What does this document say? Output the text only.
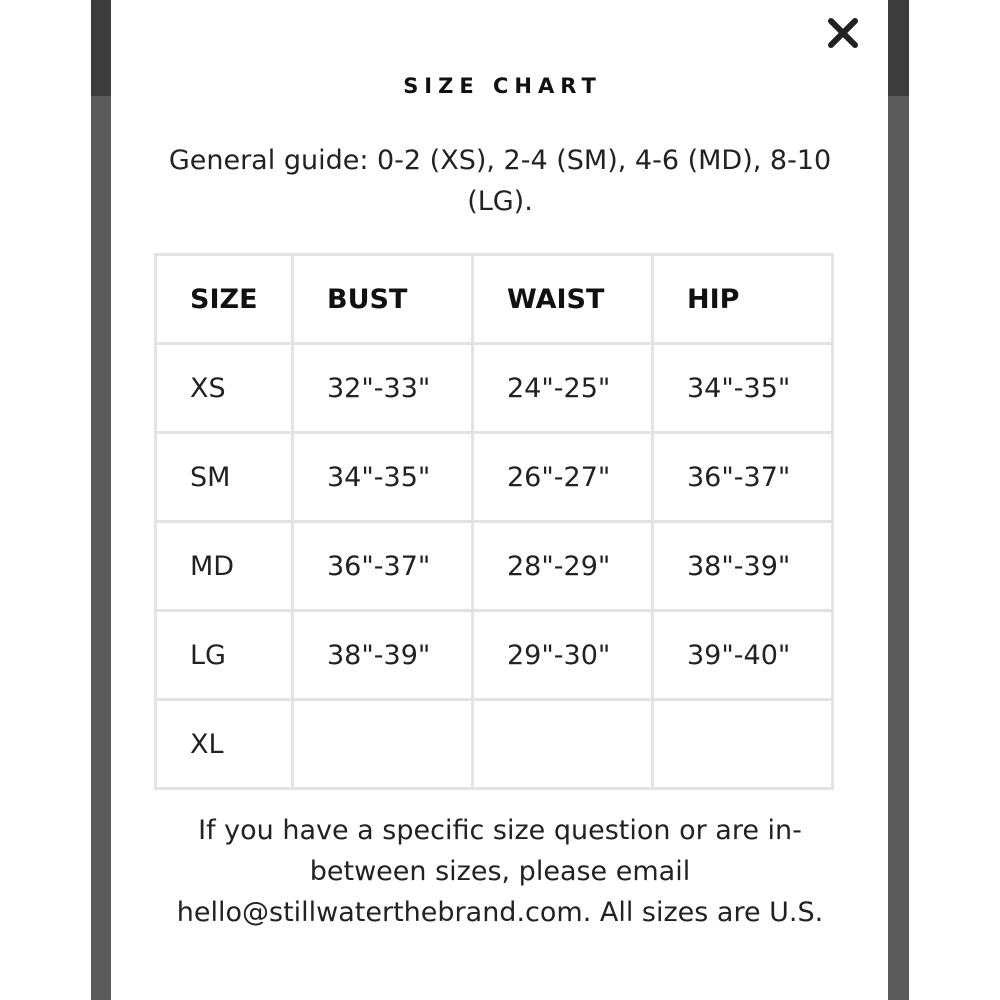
SIZE CHART
General guide: 0-2 (XS), 2-4 (SM), 4-6 (MD), 8-10 (LG).
SIZE	BUST	WAIST	HIP
XS	32"-33"	24"-25"	34"-35"
SM	34"-35"	26"-27"	36"-37"
MD	36"-37"	28"-29"	38"-39"
LG	38"-39"	29"-30"	39"-40"
XL			
If you have a specific size question or are in-between sizes, please email hello@stillwaterthebrand.com. All sizes are U.S.
